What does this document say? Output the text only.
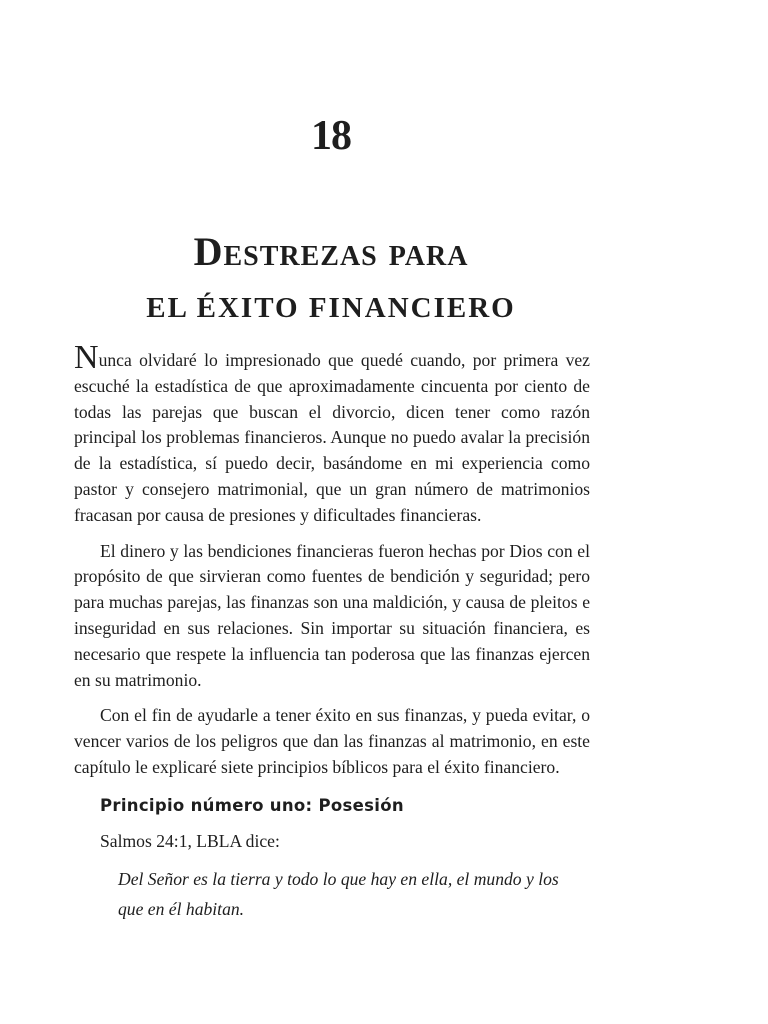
18
Destrezas para
EL ÉXITO FINANCIERO

Nunca olvidaré lo impresionado que quedé cuando, por primera vez escuché la estadística de que aproximadamente cincuenta por ciento de todas las parejas que buscan el divorcio, dicen tener como razón principal los problemas financieros. Aunque no puedo avalar la precisión de la estadística, sí puedo decir, basándome en mi experiencia como pastor y consejero matrimonial, que un gran número de matrimonios fracasan por causa de presiones y dificultades financieras.

El dinero y las bendiciones financieras fueron hechas por Dios con el propósito de que sirvieran como fuentes de bendición y seguridad; pero para muchas parejas, las finanzas son una maldición, y causa de pleitos e inseguridad en sus relaciones. Sin importar su situación financiera, es necesario que respete la influencia tan poderosa que las finanzas ejercen en su matrimonio.

Con el fin de ayudarle a tener éxito en sus finanzas, y pueda evitar, o vencer varios de los peligros que dan las finanzas al matrimonio, en este capítulo le explicaré siete principios bíblicos para el éxito financiero.

Principio número uno: Posesión
Salmos 24:1, LBLA dice:
Del Señor es la tierra y todo lo que hay en ella, el mundo y los que en él habitan.
